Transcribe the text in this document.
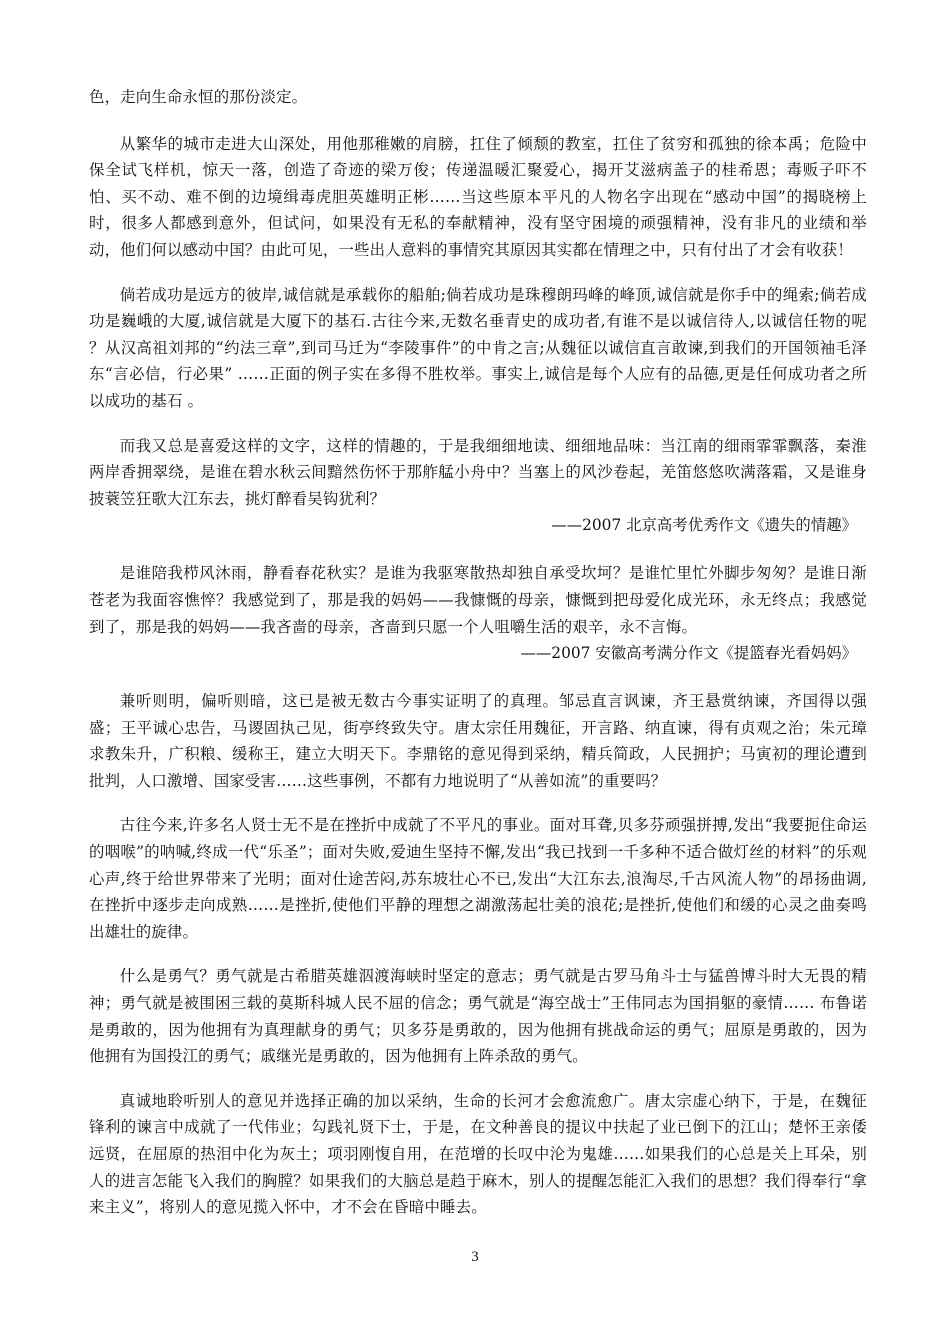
色，走向生命永恒的那份淡定。

从繁华的城市走进大山深处，用他那稚嫩的肩膀，扛住了倾颓的教室，扛住了贫穷和孤独的徐本禹；危险中保全试飞样机，惊天一落，创造了奇迹的梁万俊；传递温暖汇聚爱心，揭开艾滋病盖子的桂希恩；毒贩子吓不怕、买不动、难不倒的边境缉毒虎胆英雄明正彬……当这些原本平凡的人物名字出现在“感动中国”的揭晓榜上时，很多人都感到意外，但试问，如果没有无私的奉献精神，没有坚守困境的顽强精神，没有非凡的业绩和举动，他们何以感动中国？由此可见，一些出人意料的事情究其原因其实都在情理之中，只有付出了才会有收获！

倘若成功是远方的彼岸,诚信就是承载你的船舶;倘若成功是珠穆朗玛峰的峰顶,诚信就是你手中的绳索;倘若成功是巍峨的大厦,诚信就是大厦下的基石.古往今来,无数名垂青史的成功者,有谁不是以诚信待人,以诚信任物的呢 ？从汉高祖刘邦的“约法三章”,到司马迁为“李陵事件”的中肯之言;从魏征以诚信直言敢谏,到我们的开国领袖毛泽东“言必信，行必果” ……正面的例子实在多得不胜枚举。事实上,诚信是每个人应有的品德,更是任何成功者之所以成功的基石 。

而我又总是喜爱这样的文字，这样的情趣的，于是我细细地读、细细地品味：当江南的细雨霏霏飘落，秦淮两岸香拥翠绕，是谁在碧水秋云间黯然伤怀于那舴艋小舟中？当塞上的风沙卷起，羌笛悠悠吹满落霜，又是谁身披蓑笠狂歌大江东去，挑灯醉看吴钩犹利？

——2007 北京高考优秀作文《遗失的情趣》

是谁陪我栉风沐雨，静看春花秋实？是谁为我驱寒散热却独自承受坎坷？是谁忙里忙外脚步匆匆？是谁日渐苍老为我面容憔悴？我感觉到了，那是我的妈妈——我慷慨的母亲，慷慨到把母爱化成光环，永无终点；我感觉到了，那是我的妈妈——我吝啬的母亲，吝啬到只愿一个人咀嚼生活的艰辛，永不言悔。

——2007 安徽高考满分作文《提篮春光看妈妈》

兼听则明，偏听则暗，这已是被无数古今事实证明了的真理。邹忌直言讽谏，齐王悬赏纳谏，齐国得以强盛；王平诚心忠告，马谡固执己见，街亭终致失守。唐太宗任用魏征，开言路、纳直谏，得有贞观之治；朱元璋求教朱升，广积粮、缓称王，建立大明天下。李鼎铭的意见得到采纳，精兵简政，人民拥护；马寅初的理论遭到批判，人口激增、国家受害……这些事例，不都有力地说明了“从善如流”的重要吗？

古往今来,许多名人贤士无不是在挫折中成就了不平凡的事业。面对耳聋,贝多芬顽强拼搏,发出“我要扼住命运的咽喉”的呐喊,终成一代“乐圣”；面对失败,爱迪生坚持不懈,发出“我已找到一千多种不适合做灯丝的材料”的乐观心声,终于给世界带来了光明；面对仕途苦闷,苏东坡壮心不已,发出“大江东去,浪淘尽,千古风流人物”的昂扬曲调,在挫折中逐步走向成熟……是挫折,使他们平静的理想之湖激荡起壮美的浪花;是挫折,使他们和缓的心灵之曲奏鸣出雄壮的旋律。

什么是勇气？勇气就是古希腊英雄泅渡海峡时坚定的意志；勇气就是古罗马角斗士与猛兽博斗时大无畏的精神；勇气就是被围困三载的莫斯科城人民不屈的信念；勇气就是“海空战士”王伟同志为国捐躯的豪情…… 布鲁诺是勇敢的，因为他拥有为真理献身的勇气；贝多芬是勇敢的，因为他拥有挑战命运的勇气；屈原是勇敢的，因为他拥有为国投江的勇气；戚继光是勇敢的，因为他拥有上阵杀敌的勇气。

真诚地聆听别人的意见并选择正确的加以采纳，生命的长河才会愈流愈广。唐太宗虚心纳下，于是，在魏征锋利的谏言中成就了一代伟业；勾践礼贤下士，于是，在文种善良的提议中扶起了业已倒下的江山；楚怀王亲倭远贤，在屈原的热泪中化为灰土；项羽刚愎自用，在范增的长叹中沦为鬼雄……如果我们的心总是关上耳朵，别人的进言怎能飞入我们的胸膛？如果我们的大脑总是趋于麻木，别人的提醒怎能汇入我们的思想？我们得奉行“拿来主义”，将别人的意见揽入怀中，才不会在昏暗中睡去。

3
